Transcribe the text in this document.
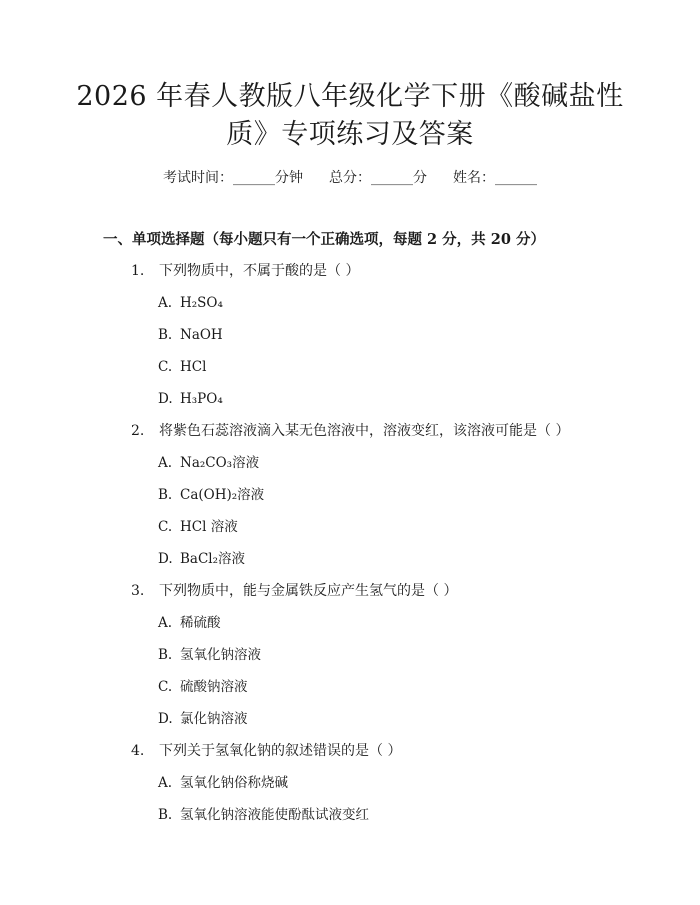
2026 年春人教版八年级化学下册《酸碱盐性
质》专项练习及答案
考试时间：______分钟 总分：______分 姓名：______
一、单项选择题（每小题只有一个正确选项，每题 2 分，共 20 分）
1. 下列物质中，不属于酸的是（ ）
A. H₂SO₄
B. NaOH
C. HCl
D. H₃PO₄
2. 将紫色石蕊溶液滴入某无色溶液中，溶液变红，该溶液可能是（ ）
A. Na₂CO₃溶液
B. Ca(OH)₂溶液
C. HCl 溶液
D. BaCl₂溶液
3. 下列物质中，能与金属铁反应产生氢气的是（ ）
A. 稀硫酸
B. 氢氧化钠溶液
C. 硫酸钠溶液
D. 氯化钠溶液
4. 下列关于氢氧化钠的叙述错误的是（ ）
A. 氢氧化钠俗称烧碱
B. 氢氧化钠溶液能使酚酞试液变红
